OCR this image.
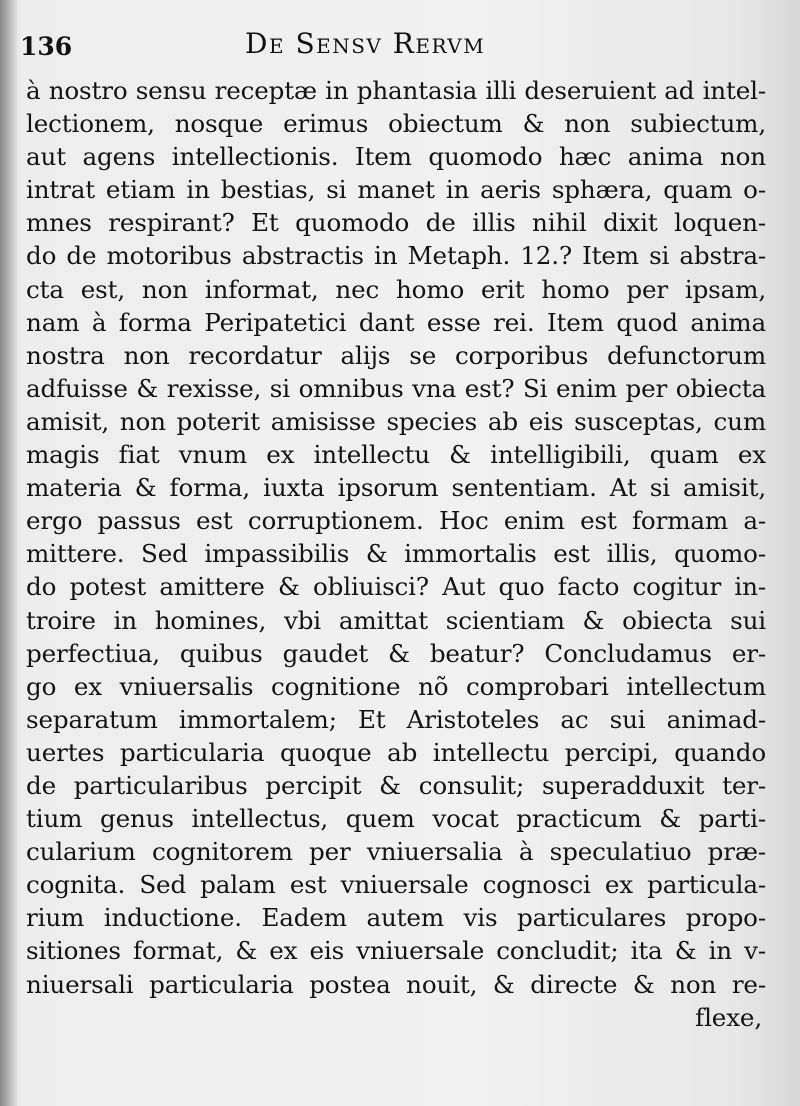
136	De Sensv Rervm
à nostro sensu receptæ in phantasia illi deseruient ad intel-
lectionem, nosque erimus obiectum & non subiectum,
aut agens intellectionis. Item quomodo hæc anima non
intrat etiam in bestias, si manet in aeris sphæra, quam o-
mnes respirant? Et quomodo de illis nihil dixit loquen-
do de motoribus abstractis in Metaph. 12.? Item si abstra-
cta est, non informat, nec homo erit homo per ipsam,
nam à forma Peripatetici dant esse rei. Item quod anima
nostra non recordatur alijs se corporibus defunctorum
adfuisse & rexisse, si omnibus vna est? Si enim per obiecta
amisit, non poterit amisisse species ab eis susceptas, cum
magis fiat vnum ex intellectu & intelligibili, quam ex
materia & forma, iuxta ipsorum sententiam. At si amisit,
ergo passus est corruptionem. Hoc enim est formam a-
mittere. Sed impassibilis & immortalis est illis, quomo-
do potest amittere & obliuisci? Aut quo facto cogitur in-
troire in homines, vbi amittat scientiam & obiecta sui
perfectiua, quibus gaudet & beatur? Concludamus er-
go ex vniuersalis cognitione nõ comprobari intellectum
separatum immortalem; Et Aristoteles ac sui animad-
uertes particularia quoque ab intellectu percipi, quando
de particularibus percipit & consulit; superadduxit ter-
tium genus intellectus, quem vocat practicum & parti-
cularium cognitorem per vniuersalia à speculatiuo præ-
cognita. Sed palam est vniuersale cognosci ex particula-
rium inductione. Eadem autem vis particulares propo-
sitiones format, & ex eis vniuersale concludit; ita & in v-
niuersali particularia postea nouit, & directe & non re-
flexe,
